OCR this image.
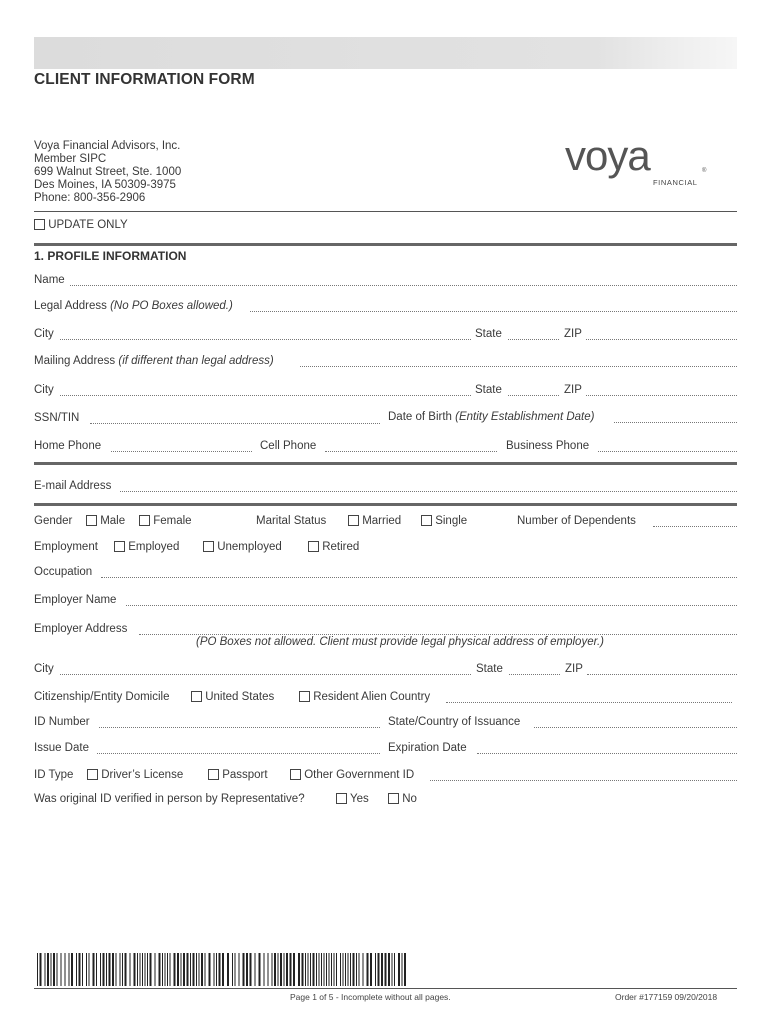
CLIENT INFORMATION FORM
Voya Financial Advisors, Inc.
Member SIPC
699 Walnut Street, Ste. 1000
Des Moines, IA 50309-3975
Phone: 800-356-2906
voya	®
FINANCIAL
UPDATE ONLY
1. PROFILE INFORMATION
Name
Legal Address (No PO Boxes allowed.)
City	State	ZIP
Mailing Address (if different than legal address)
City	State	ZIP
SSN/TIN	Date of Birth (Entity Establishment Date)
Home Phone	Cell Phone	Business Phone
E-mail Address
Gender	Male	Female	Marital Status	Married	Single	Number of Dependents
Employment	Employed	Unemployed	Retired
Occupation
Employer Name
Employer Address
(PO Boxes not allowed. Client must provide legal physical address of employer.)
City	State	ZIP
Citizenship/Entity Domicile	United States	Resident Alien Country
ID Number	State/Country of Issuance
Issue Date	Expiration Date
ID Type	Driver’s License	Passport	Other Government ID
Was original ID verified in person by Representative?	Yes	No
Page 1 of 5 - Incomplete without all pages.	Order #177159 09/20/2018
